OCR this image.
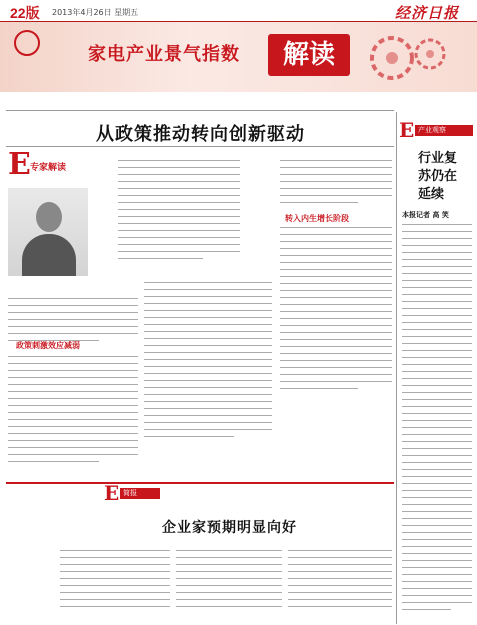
22版 2013年4月26日 星期五	经济日报
家电产业景气指数	解读
从政策推动转向创新驱动
E 专家解读
政策刺激效应减弱
转入内生增长阶段
E 产业观察
行业复苏仍在延续
本报记者 高 笑
E 简报
企业家预期明显向好
